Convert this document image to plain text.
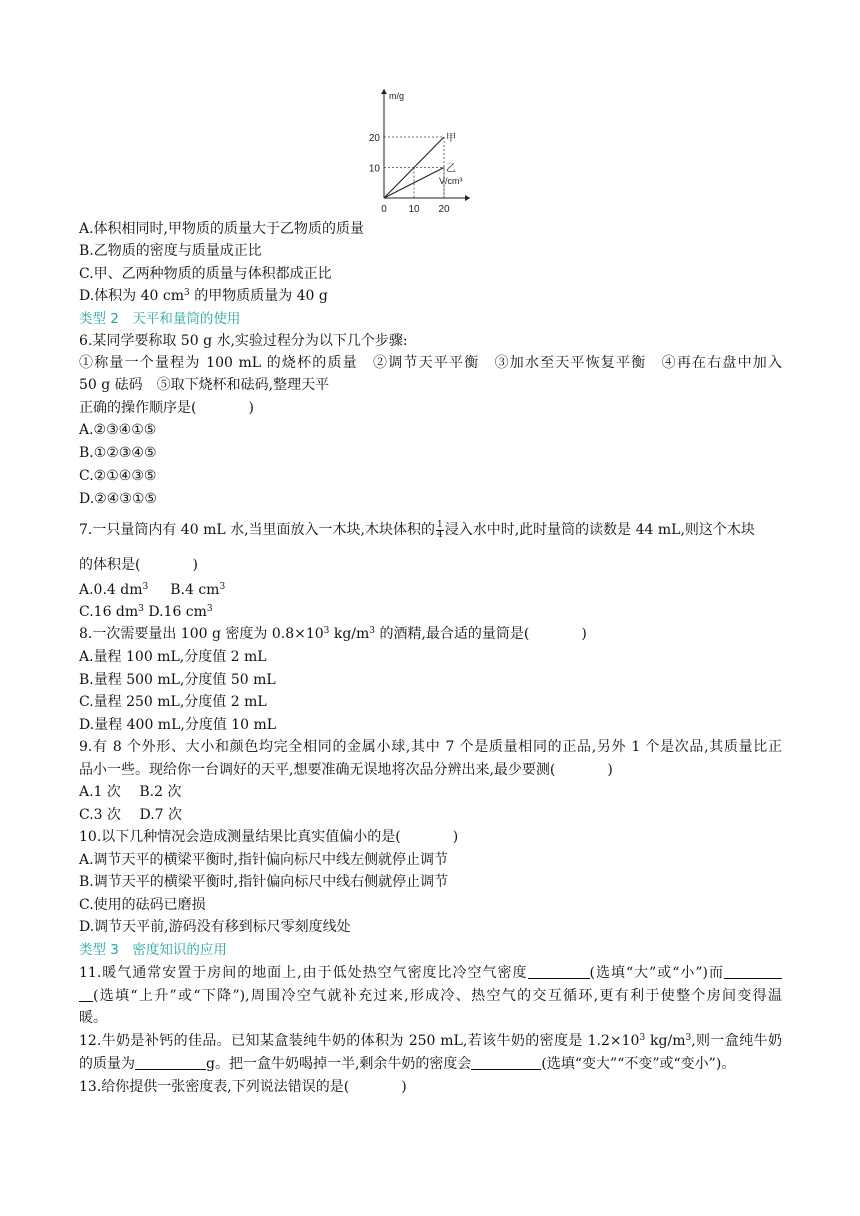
m/g
V/cm³
0 10 20
10
20	甲
乙
A.体积相同时,甲物质的质量大于乙物质的质量
B.乙物质的密度与质量成正比
C.甲、乙两种物质的质量与体积都成正比
D.体积为 40 $cm^3$ 的甲物质质量为 40 g
类型 2　天平和量筒的使用
6.某同学要称取 50 g 水,实验过程分为以下几个步骤:
①称量一个量程为 100 mL 的烧杯的质量　②调节天平平衡　③加水至天平恢复平衡　④再在右盘中加入
50 g 砝码　⑤取下烧杯和砝码,整理天平
正确的操作顺序是(	)
A.②③④①⑤
B.①②③④⑤
C.②①④③⑤
D.②④③①⑤
7.一只量筒内有 40 mL 水,当里面放入一木块,木块体积的 $\frac{1}{4}$ 浸入水中时,此时量筒的读数是 44 mL,则这个木块
的体积是(	)
A.0.4 $dm^3$ B.4 $cm^3$
C.16 $dm^3$ D.16 $cm^3$
8.一次需要量出 100 g 密度为 $0.8\times 10^3$ $kg/m^3$ 的酒精,最合适的量筒是(	)
A.量程 100 mL,分度值 2 mL
B.量程 500 mL,分度值 50 mL
C.量程 250 mL,分度值 2 mL
D.量程 400 mL,分度值 10 mL
9.有 8 个外形、大小和颜色均完全相同的金属小球,其中 7 个是质量相同的正品,另外 1 个是次品,其质量比正
品小一些。现给你一台调好的天平,想要准确无误地将次品分辨出来,最少要测(	)
A.1 次　 B.2 次
C.3 次　 D.7 次
10.以下几种情况会造成测量结果比真实值偏小的是(	)
A.调节天平的横梁平衡时,指针偏向标尺中线左侧就停止调节
B.调节天平的横梁平衡时,指针偏向标尺中线右侧就停止调节
C.使用的砝码已磨损
D.调节天平前,游码没有移到标尺零刻度线处
类型 3　密度知识的应用
11.暖气通常安置于房间的地面上,由于低处热空气密度比冷空气密度	(选填“大”或“小”)而
(选填“上升”或“下降”),周围冷空气就补充过来,形成冷、热空气的交互循环,更有利于使整个房间变得温
暖。
12.牛奶是补钙的佳品。已知某盒装纯牛奶的体积为 250 mL,若该牛奶的密度是 $1.2\times 10^3$ $kg/m^3$,则一盒纯牛奶
的质量为	g。把一盒牛奶喝掉一半,剩余牛奶的密度会	(选填“变大”“不变”或“变小”)。
13.给你提供一张密度表,下列说法错误的是(	)
